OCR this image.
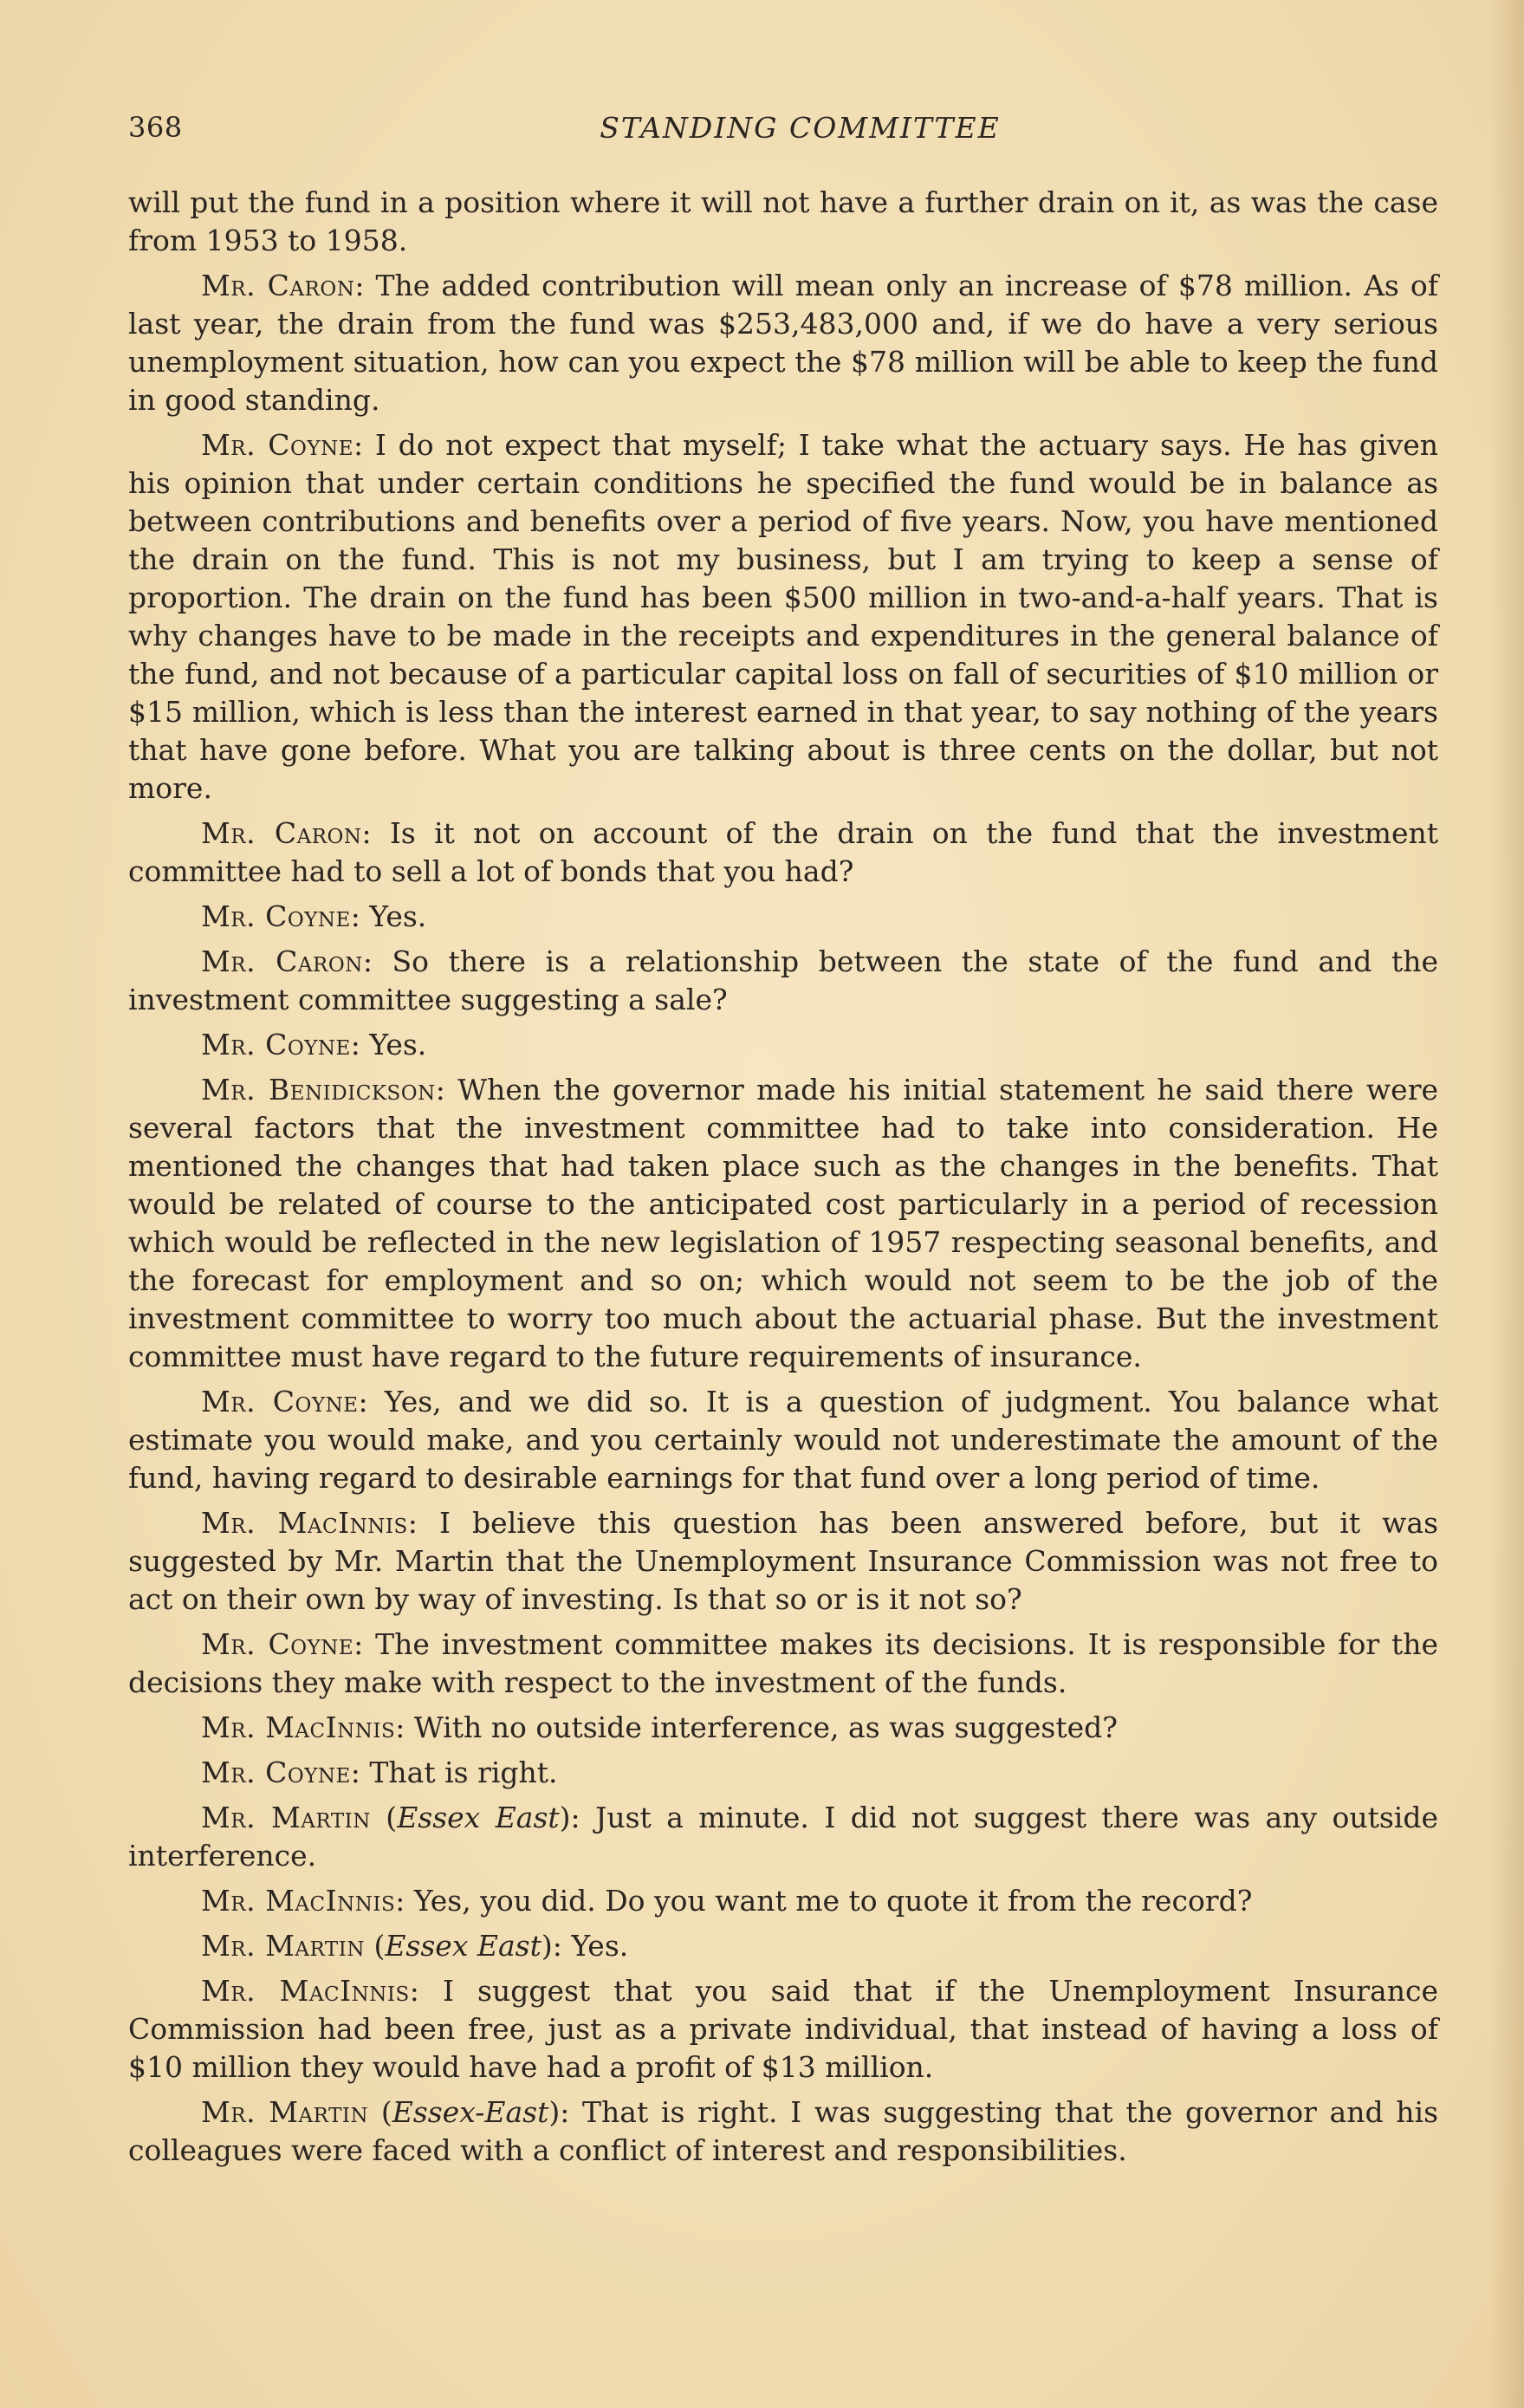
368	STANDING COMMITTEE

will put the fund in a position where it will not have a further drain on it, as was the case from 1953 to 1958.

Mr. Caron: The added contribution will mean only an increase of $78 million. As of last year, the drain from the fund was $253,483,000 and, if we do have a very serious unemployment situation, how can you expect the $78 million will be able to keep the fund in good standing.

Mr. Coyne: I do not expect that myself; I take what the actuary says. He has given his opinion that under certain conditions he specified the fund would be in balance as between contributions and benefits over a period of five years. Now, you have mentioned the drain on the fund. This is not my business, but I am trying to keep a sense of proportion. The drain on the fund has been $500 million in two-and-a-half years. That is why changes have to be made in the receipts and expenditures in the general balance of the fund, and not because of a particular capital loss on fall of securities of $10 million or $15 million, which is less than the interest earned in that year, to say nothing of the years that have gone before. What you are talking about is three cents on the dollar, but not more.

Mr. Caron: Is it not on account of the drain on the fund that the investment committee had to sell a lot of bonds that you had?

Mr. Coyne: Yes.

Mr. Caron: So there is a relationship between the state of the fund and the investment committee suggesting a sale?

Mr. Coyne: Yes.

Mr. Benidickson: When the governor made his initial statement he said there were several factors that the investment committee had to take into consideration. He mentioned the changes that had taken place such as the changes in the benefits. That would be related of course to the anticipated cost particularly in a period of recession which would be reflected in the new legislation of 1957 respecting seasonal benefits, and the forecast for employment and so on; which would not seem to be the job of the investment committee to worry too much about the actuarial phase. But the investment committee must have regard to the future requirements of insurance.

Mr. Coyne: Yes, and we did so. It is a question of judgment. You balance what estimate you would make, and you certainly would not underestimate the amount of the fund, having regard to desirable earnings for that fund over a long period of time.

Mr. MacInnis: I believe this question has been answered before, but it was suggested by Mr. Martin that the Unemployment Insurance Commission was not free to act on their own by way of investing. Is that so or is it not so?

Mr. Coyne: The investment committee makes its decisions. It is responsible for the decisions they make with respect to the investment of the funds.

Mr. MacInnis: With no outside interference, as was suggested?

Mr. Coyne: That is right.

Mr. Martin (Essex East): Just a minute. I did not suggest there was any outside interference.

Mr. MacInnis: Yes, you did. Do you want me to quote it from the record?

Mr. Martin (Essex East): Yes.

Mr. MacInnis: I suggest that you said that if the Unemployment Insurance Commission had been free, just as a private individual, that instead of having a loss of $10 million they would have had a profit of $13 million.

Mr. Martin (Essex-East): That is right. I was suggesting that the governor and his colleagues were faced with a conflict of interest and responsibilities.
